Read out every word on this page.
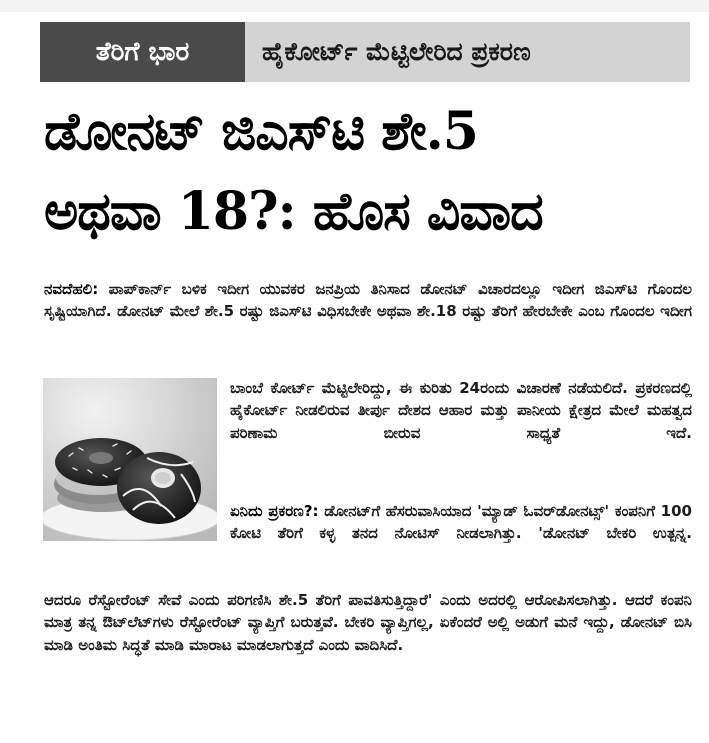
ತೆರಿಗೆ ಭಾರ	ಹೈಕೋರ್ಟ್ ಮೆಟ್ಟಿಲೇರಿದ ಪ್ರಕರಣ
ಡೋನಟ್ ಜಿಎಸ್‌ಟಿ ಶೇ.5
ಅಥವಾ 18?: ಹೊಸ ವಿವಾದ
ನವದೆಹಲಿ: ಪಾಪ್‌ಕಾರ್ನ್ ಬಳಿಕ ಇದೀಗ ಯುವಕರ ಜನಪ್ರಿಯ ತಿನಿಸಾದ ಡೋನಟ್ ವಿಚಾರದಲ್ಲೂ ಇದೀಗ ಜಿಎಸ್‌ಟಿ ಗೊಂದಲ ಸೃಷ್ಟಿಯಾಗಿದೆ. ಡೋನಟ್ ಮೇಲೆ ಶೇ.5 ರಷ್ಟು ಜಿಎಸ್‌ಟಿ ವಿಧಿಸಬೇಕೇ ಅಥವಾ ಶೇ.18 ರಷ್ಟು ತೆರಿಗೆ ಹೇರಬೇಕೇ ಎಂಬ ಗೊಂದಲ ಇದೀಗ
ಬಾಂಬೆ ಕೋರ್ಟ್ ಮೆಟ್ಟಿಲೇರಿದ್ದು, ಈ ಕುರಿತು 24ರಂದು ವಿಚಾರಣೆ ನಡೆಯಲಿದೆ. ಪ್ರಕರಣದಲ್ಲಿ ಹೈಕೋರ್ಟ್ ನೀಡಲಿರುವ ತೀರ್ಪು ದೇಶದ ಆಹಾರ ಮತ್ತು ಪಾನೀಯ ಕ್ಷೇತ್ರದ ಮೇಲೆ ಮಹತ್ವದ ಪರಿಣಾಮ ಬೀರುವ ಸಾಧ್ಯತೆ ಇದೆ.
ಏನಿದು ಪ್ರಕರಣ?: ಡೋನಟ್‌ಗೆ ಹೆಸರುವಾಸಿಯಾದ 'ಮ್ಯಾಡ್ ಓವರ್‌ಡೋನಟ್ಸ್' ಕಂಪನಿಗೆ 100 ಕೋಟಿ ತೆರಿಗೆ ಕಳ್ಳ ತನದ ನೋಟಿಸ್ ನೀಡಲಾಗಿತ್ತು. 'ಡೋನಟ್ ಬೇಕರಿ ಉತ್ಪನ್ನ.
ಆದರೂ ರೆಸ್ಟೋರೆಂಟ್ ಸೇವೆ ಎಂದು ಪರಿಗಣಿಸಿ ಶೇ.5 ತೆರಿಗೆ ಪಾವತಿಸುತ್ತಿದ್ದಾರೆ' ಎಂದು ಅದರಲ್ಲಿ ಆರೋಪಿಸಲಾಗಿತ್ತು. ಆದರೆ ಕಂಪನಿ ಮಾತ್ರ ತನ್ನ ಔಟ್‌ಲೆಟ್‌ಗಳು ರೆಸ್ಟೋರೆಂಟ್ ವ್ಯಾಪ್ತಿಗೆ ಬರುತ್ತವೆ. ಬೇಕರಿ ವ್ಯಾಪ್ತಿಗಲ್ಲ, ಏಕೆಂದರೆ ಅಲ್ಲಿ ಅಡುಗೆ ಮನೆ ಇದ್ದು, ಡೋನಟ್ ಬಿಸಿ ಮಾಡಿ ಅಂತಿಮ ಸಿದ್ಧತೆ ಮಾಡಿ ಮಾರಾಟ ಮಾಡಲಾಗುತ್ತದೆ ಎಂದು ವಾದಿಸಿದೆ.
